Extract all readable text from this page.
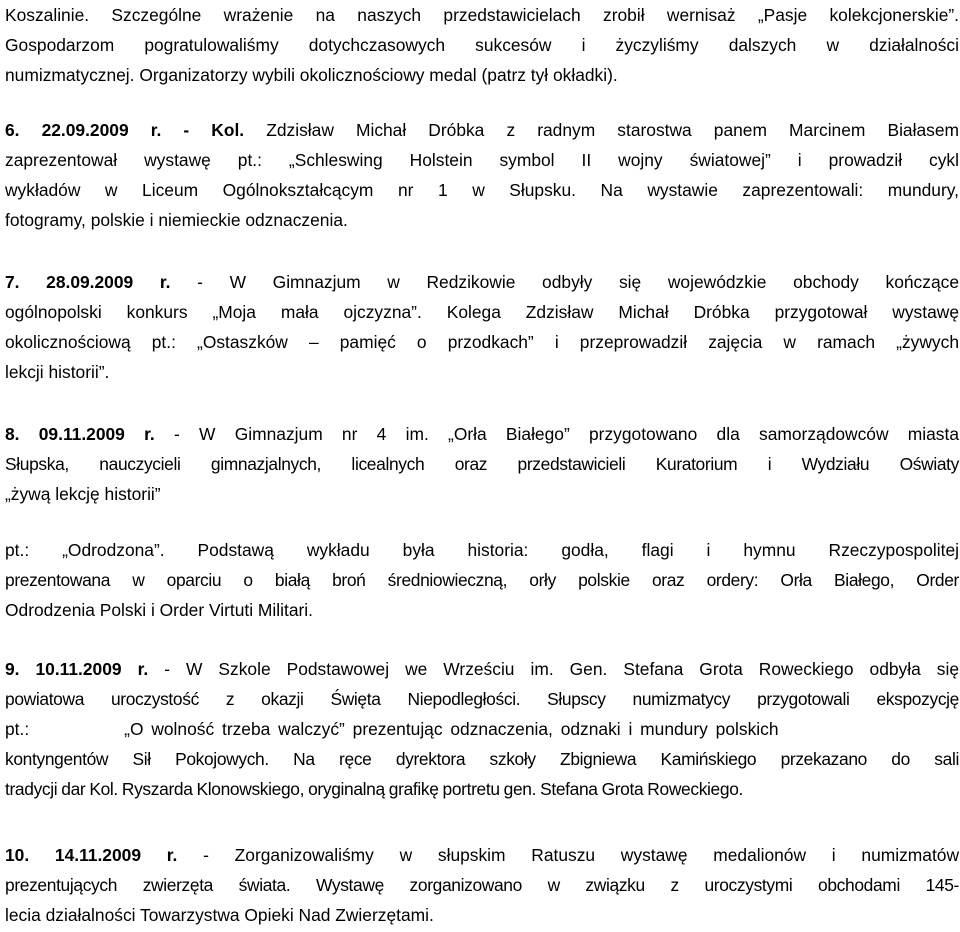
Koszalinie. Szczególne wrażenie na naszych przedstawicielach zrobił wernisaż „Pasje kolekcjonerskie”.
Gospodarzom pogratulowaliśmy dotychczasowych sukcesów i życzyliśmy dalszych w działalności
numizmatycznej. Organizatorzy wybili okolicznościowy medal (patrz tył okładki).
6. 22.09.2009 r. - Kol. Zdzisław Michał Dróbka z radnym starostwa panem Marcinem Białasem
zaprezentował wystawę pt.: „Schleswing Holstein symbol II wojny światowej” i prowadził cykl
wykładów w Liceum Ogólnokształcącym nr 1 w Słupsku. Na wystawie zaprezentowali: mundury,
fotogramy, polskie i niemieckie odznaczenia.
7. 28.09.2009 r. - W Gimnazjum w Redzikowie odbyły się wojewódzkie obchody kończące
ogólnopolski konkurs „Moja mała ojczyzna”. Kolega Zdzisław Michał Dróbka przygotował wystawę
okolicznościową pt.: „Ostaszków – pamięć o przodkach” i przeprowadził zajęcia w ramach „żywych
lekcji historii”.
8. 09.11.2009 r. - W Gimnazjum nr 4 im. „Orła Białego” przygotowano dla samorządowców miasta
Słupska, nauczycieli gimnazjalnych, licealnych oraz przedstawicieli Kuratorium i Wydziału Oświaty
„żywą lekcję historii”
pt.: „Odrodzona”. Podstawą wykładu była historia: godła, flagi i hymnu Rzeczypospolitej
prezentowana w oparciu o białą broń średniowieczną, orły polskie oraz ordery: Orła Białego, Order
Odrodzenia Polski i Order Virtuti Militari.
9. 10.11.2009 r. - W Szkole Podstawowej we Wrześciu im. Gen. Stefana Grota Roweckiego odbyła się
powiatowa uroczystość z okazji Święta Niepodległości. Słupscy numizmatycy przygotowali ekspozycję
pt.:	„O wolność trzeba walczyć” prezentując odznaczenia, odznaki i mundury polskich
kontyngentów Sił Pokojowych. Na ręce dyrektora szkoły Zbigniewa Kamińskiego przekazano do sali
tradycji dar Kol. Ryszarda Klonowskiego, oryginalną grafikę portretu gen. Stefana Grota Roweckiego.
10. 14.11.2009 r. - Zorganizowaliśmy w słupskim Ratuszu wystawę medalionów i numizmatów
prezentujących zwierzęta świata. Wystawę zorganizowano w związku z uroczystymi obchodami 145-
lecia działalności Towarzystwa Opieki Nad Zwierzętami.
